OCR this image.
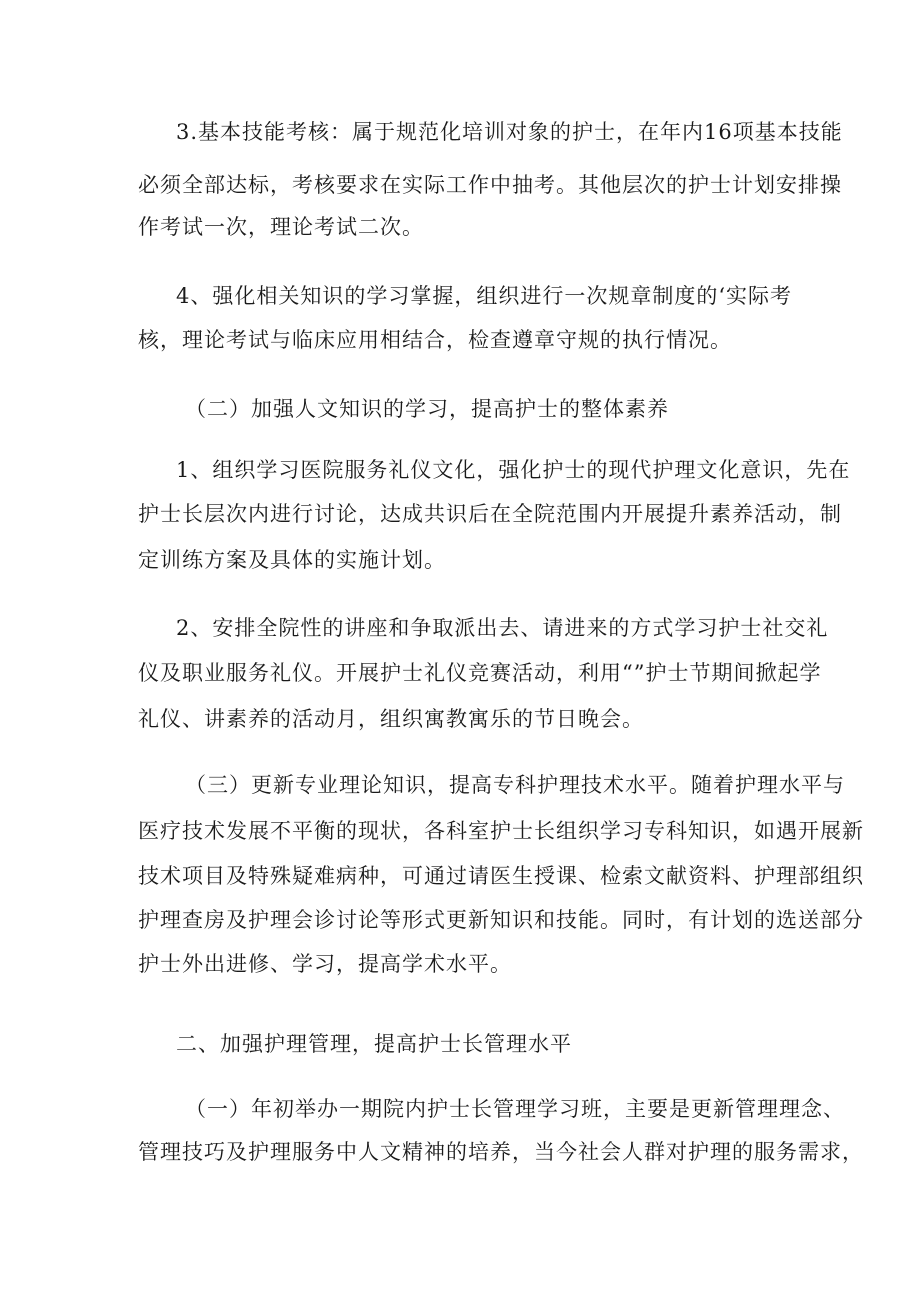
3.基本技能考核：属于规范化培训对象的护士，在年内16项基本技能
必须全部达标，考核要求在实际工作中抽考。其他层次的护士计划安排操
作考试一次，理论考试二次。
4、强化相关知识的学习掌握，组织进行一次规章制度的‘实际考
核，理论考试与临床应用相结合，检查遵章守规的执行情况。
（二）加强人文知识的学习，提高护士的整体素养
1、组织学习医院服务礼仪文化，强化护士的现代护理文化意识，先在
护士长层次内进行讨论，达成共识后在全院范围内开展提升素养活动，制
定训练方案及具体的实施计划。
2、安排全院性的讲座和争取派出去、请进来的方式学习护士社交礼
仪及职业服务礼仪。开展护士礼仪竞赛活动，利用“”护士节期间掀起学
礼仪、讲素养的活动月，组织寓教寓乐的节日晚会。
（三）更新专业理论知识，提高专科护理技术水平。随着护理水平与
医疗技术发展不平衡的现状，各科室护士长组织学习专科知识，如遇开展新
技术项目及特殊疑难病种，可通过请医生授课、检索文献资料、护理部组织
护理查房及护理会诊讨论等形式更新知识和技能。同时，有计划的选送部分
护士外出进修、学习，提高学术水平。
二、加强护理管理，提高护士长管理水平
（一）年初举办一期院内护士长管理学习班，主要是更新管理理念、
管理技巧及护理服务中人文精神的培养，当今社会人群对护理的服务需求，
